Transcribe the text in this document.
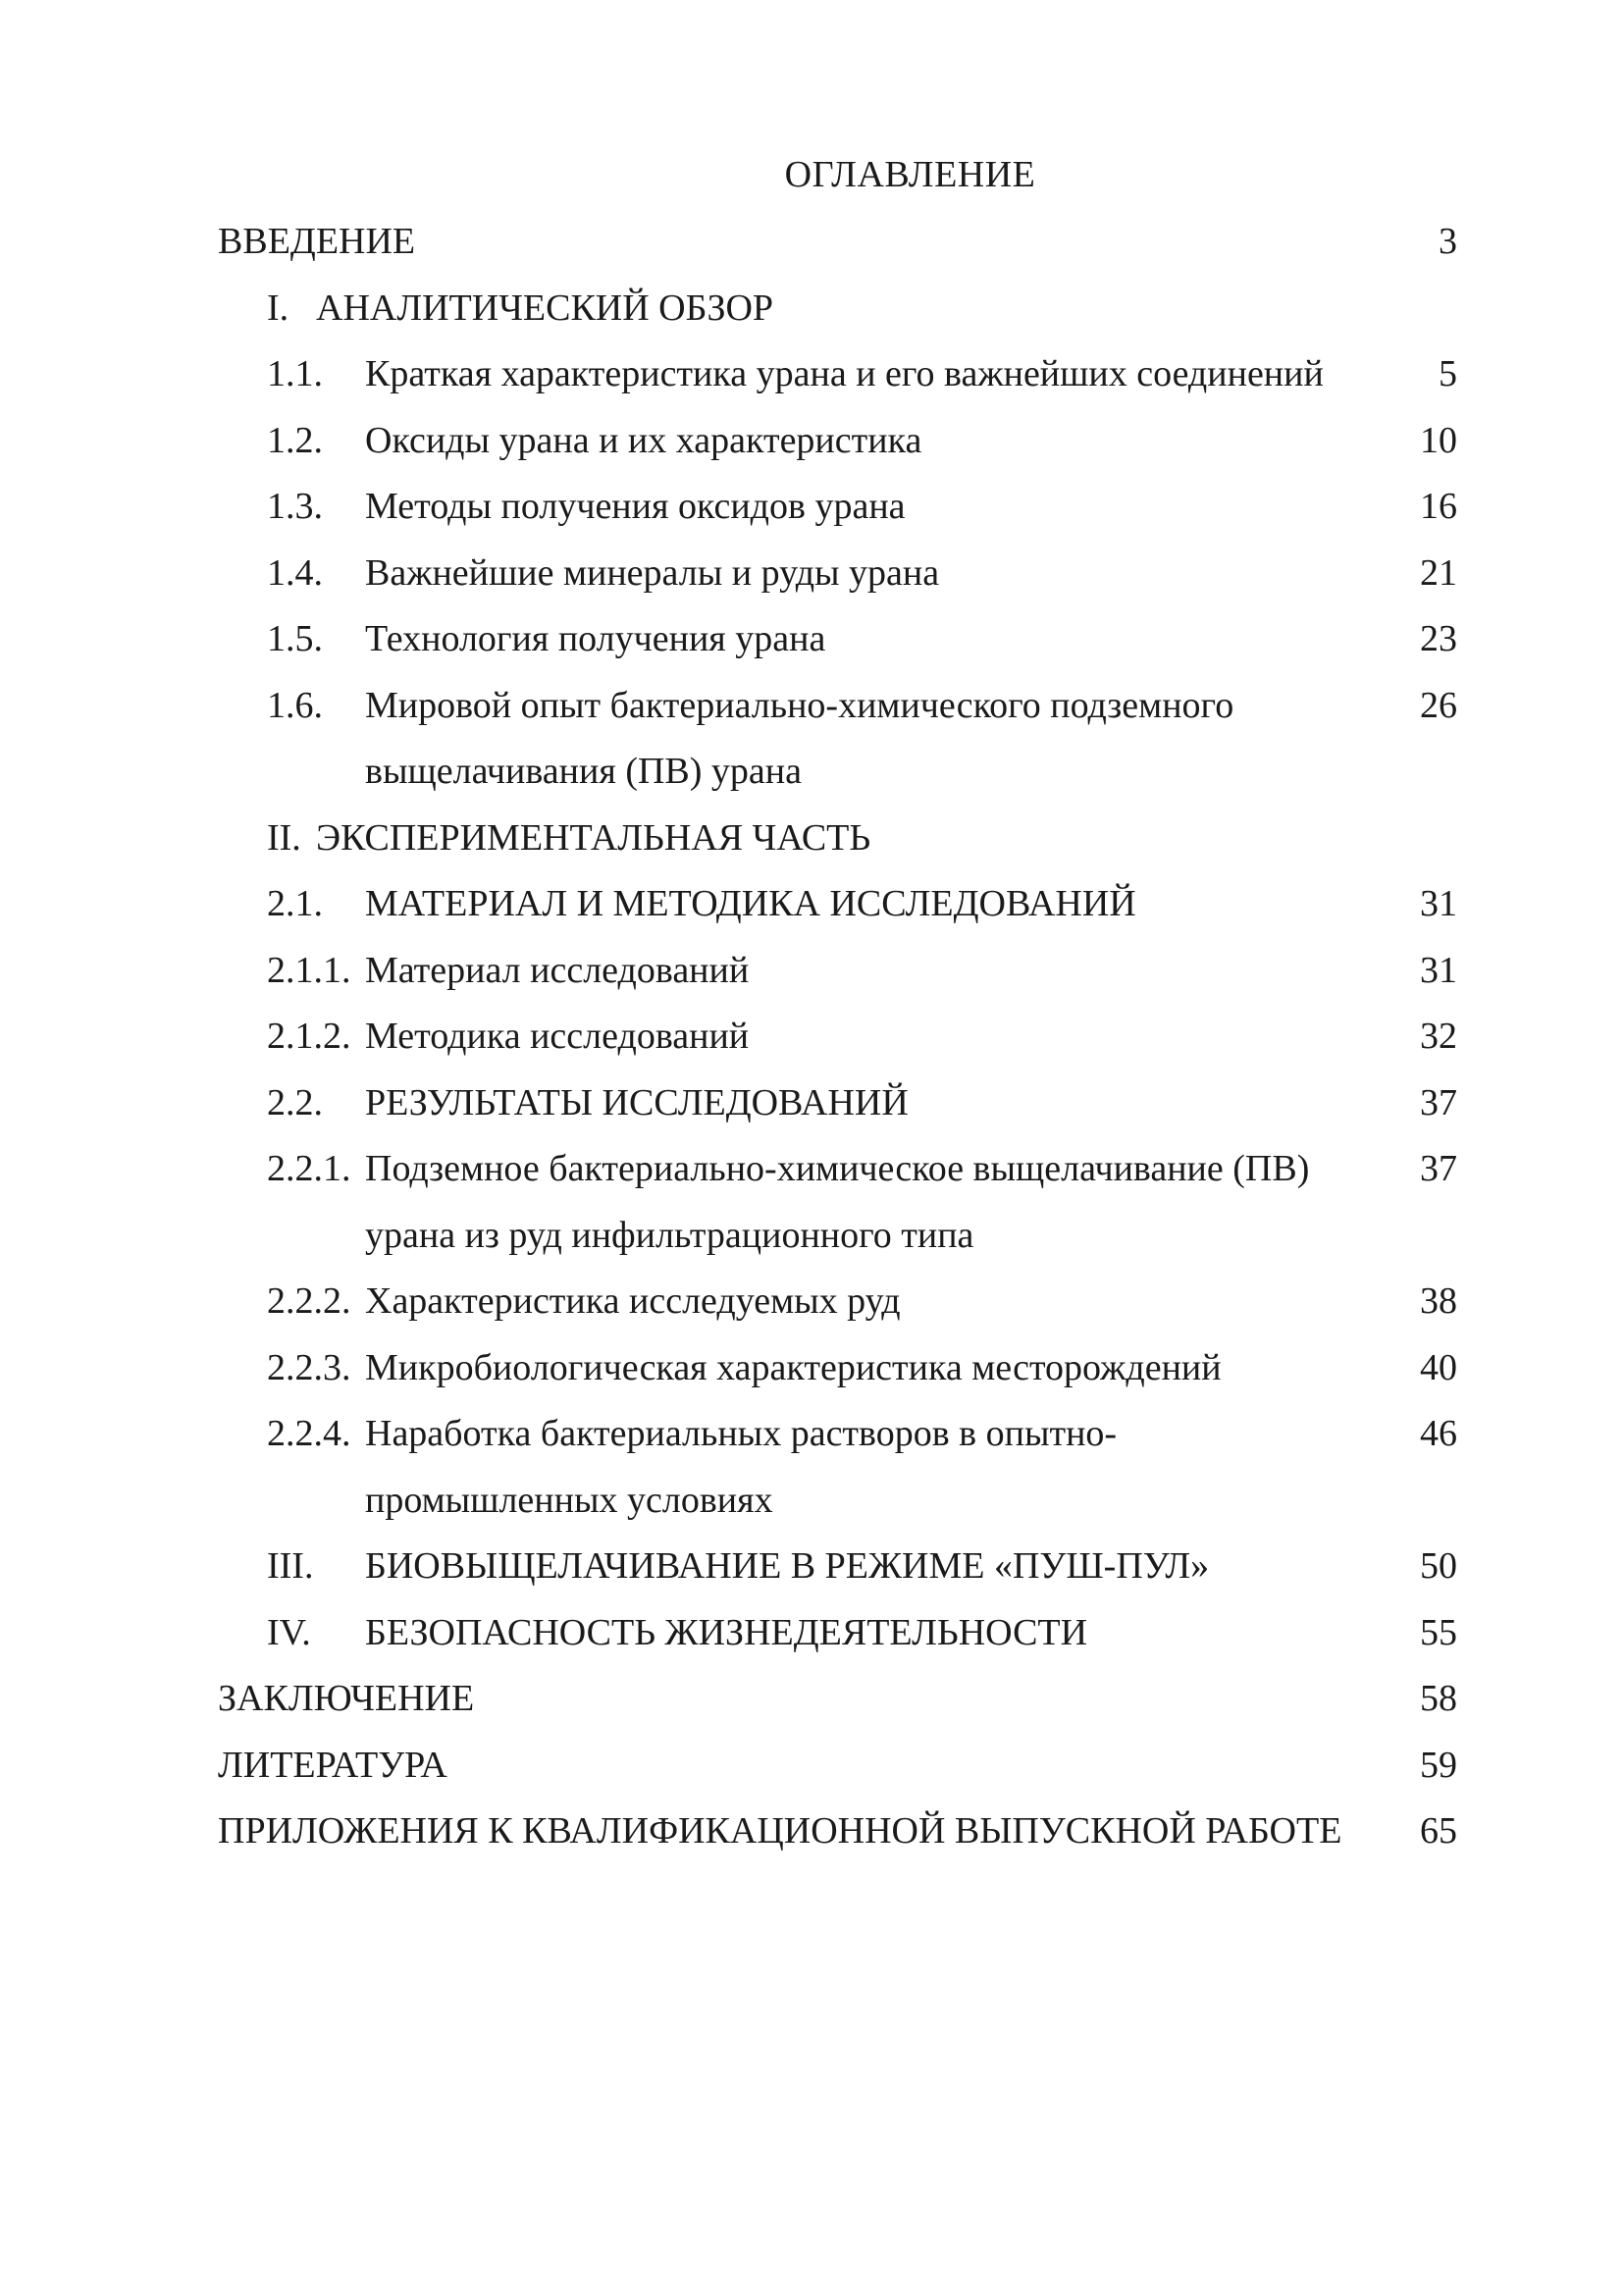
ОГЛАВЛЕНИЕ
ВВЕДЕНИЕ	3
I. АНАЛИТИЧЕСКИЙ ОБЗОР
1.1. Краткая характеристика урана и его важнейших соединений	5
1.2. Оксиды урана и их характеристика	10
1.3. Методы получения оксидов урана	16
1.4. Важнейшие минералы и руды урана	21
1.5. Технология получения урана	23
1.6. Мировой опыт бактериально-химического подземного	26
выщелачивания (ПВ) урана
II. ЭКСПЕРИМЕНТАЛЬНАЯ ЧАСТЬ
2.1. МАТЕРИАЛ И МЕТОДИКА ИССЛЕДОВАНИЙ	31
2.1.1. Материал исследований	31
2.1.2. Методика исследований	32
2.2. РЕЗУЛЬТАТЫ ИССЛЕДОВАНИЙ	37
2.2.1. Подземное бактериально-химическое выщелачивание (ПВ)	37
урана из руд инфильтрационного типа
2.2.2. Характеристика исследуемых руд	38
2.2.3. Микробиологическая характеристика месторождений	40
2.2.4. Наработка бактериальных растворов в опытно-	46
промышленных условиях
III. БИОВЫЩЕЛАЧИВАНИЕ В РЕЖИМЕ «ПУШ-ПУЛ»	50
IV. БЕЗОПАСНОСТЬ ЖИЗНЕДЕЯТЕЛЬНОСТИ	55
ЗАКЛЮЧЕНИЕ	58
ЛИТЕРАТУРА	59
ПРИЛОЖЕНИЯ К КВАЛИФИКАЦИОННОЙ ВЫПУСКНОЙ РАБОТЕ 65
